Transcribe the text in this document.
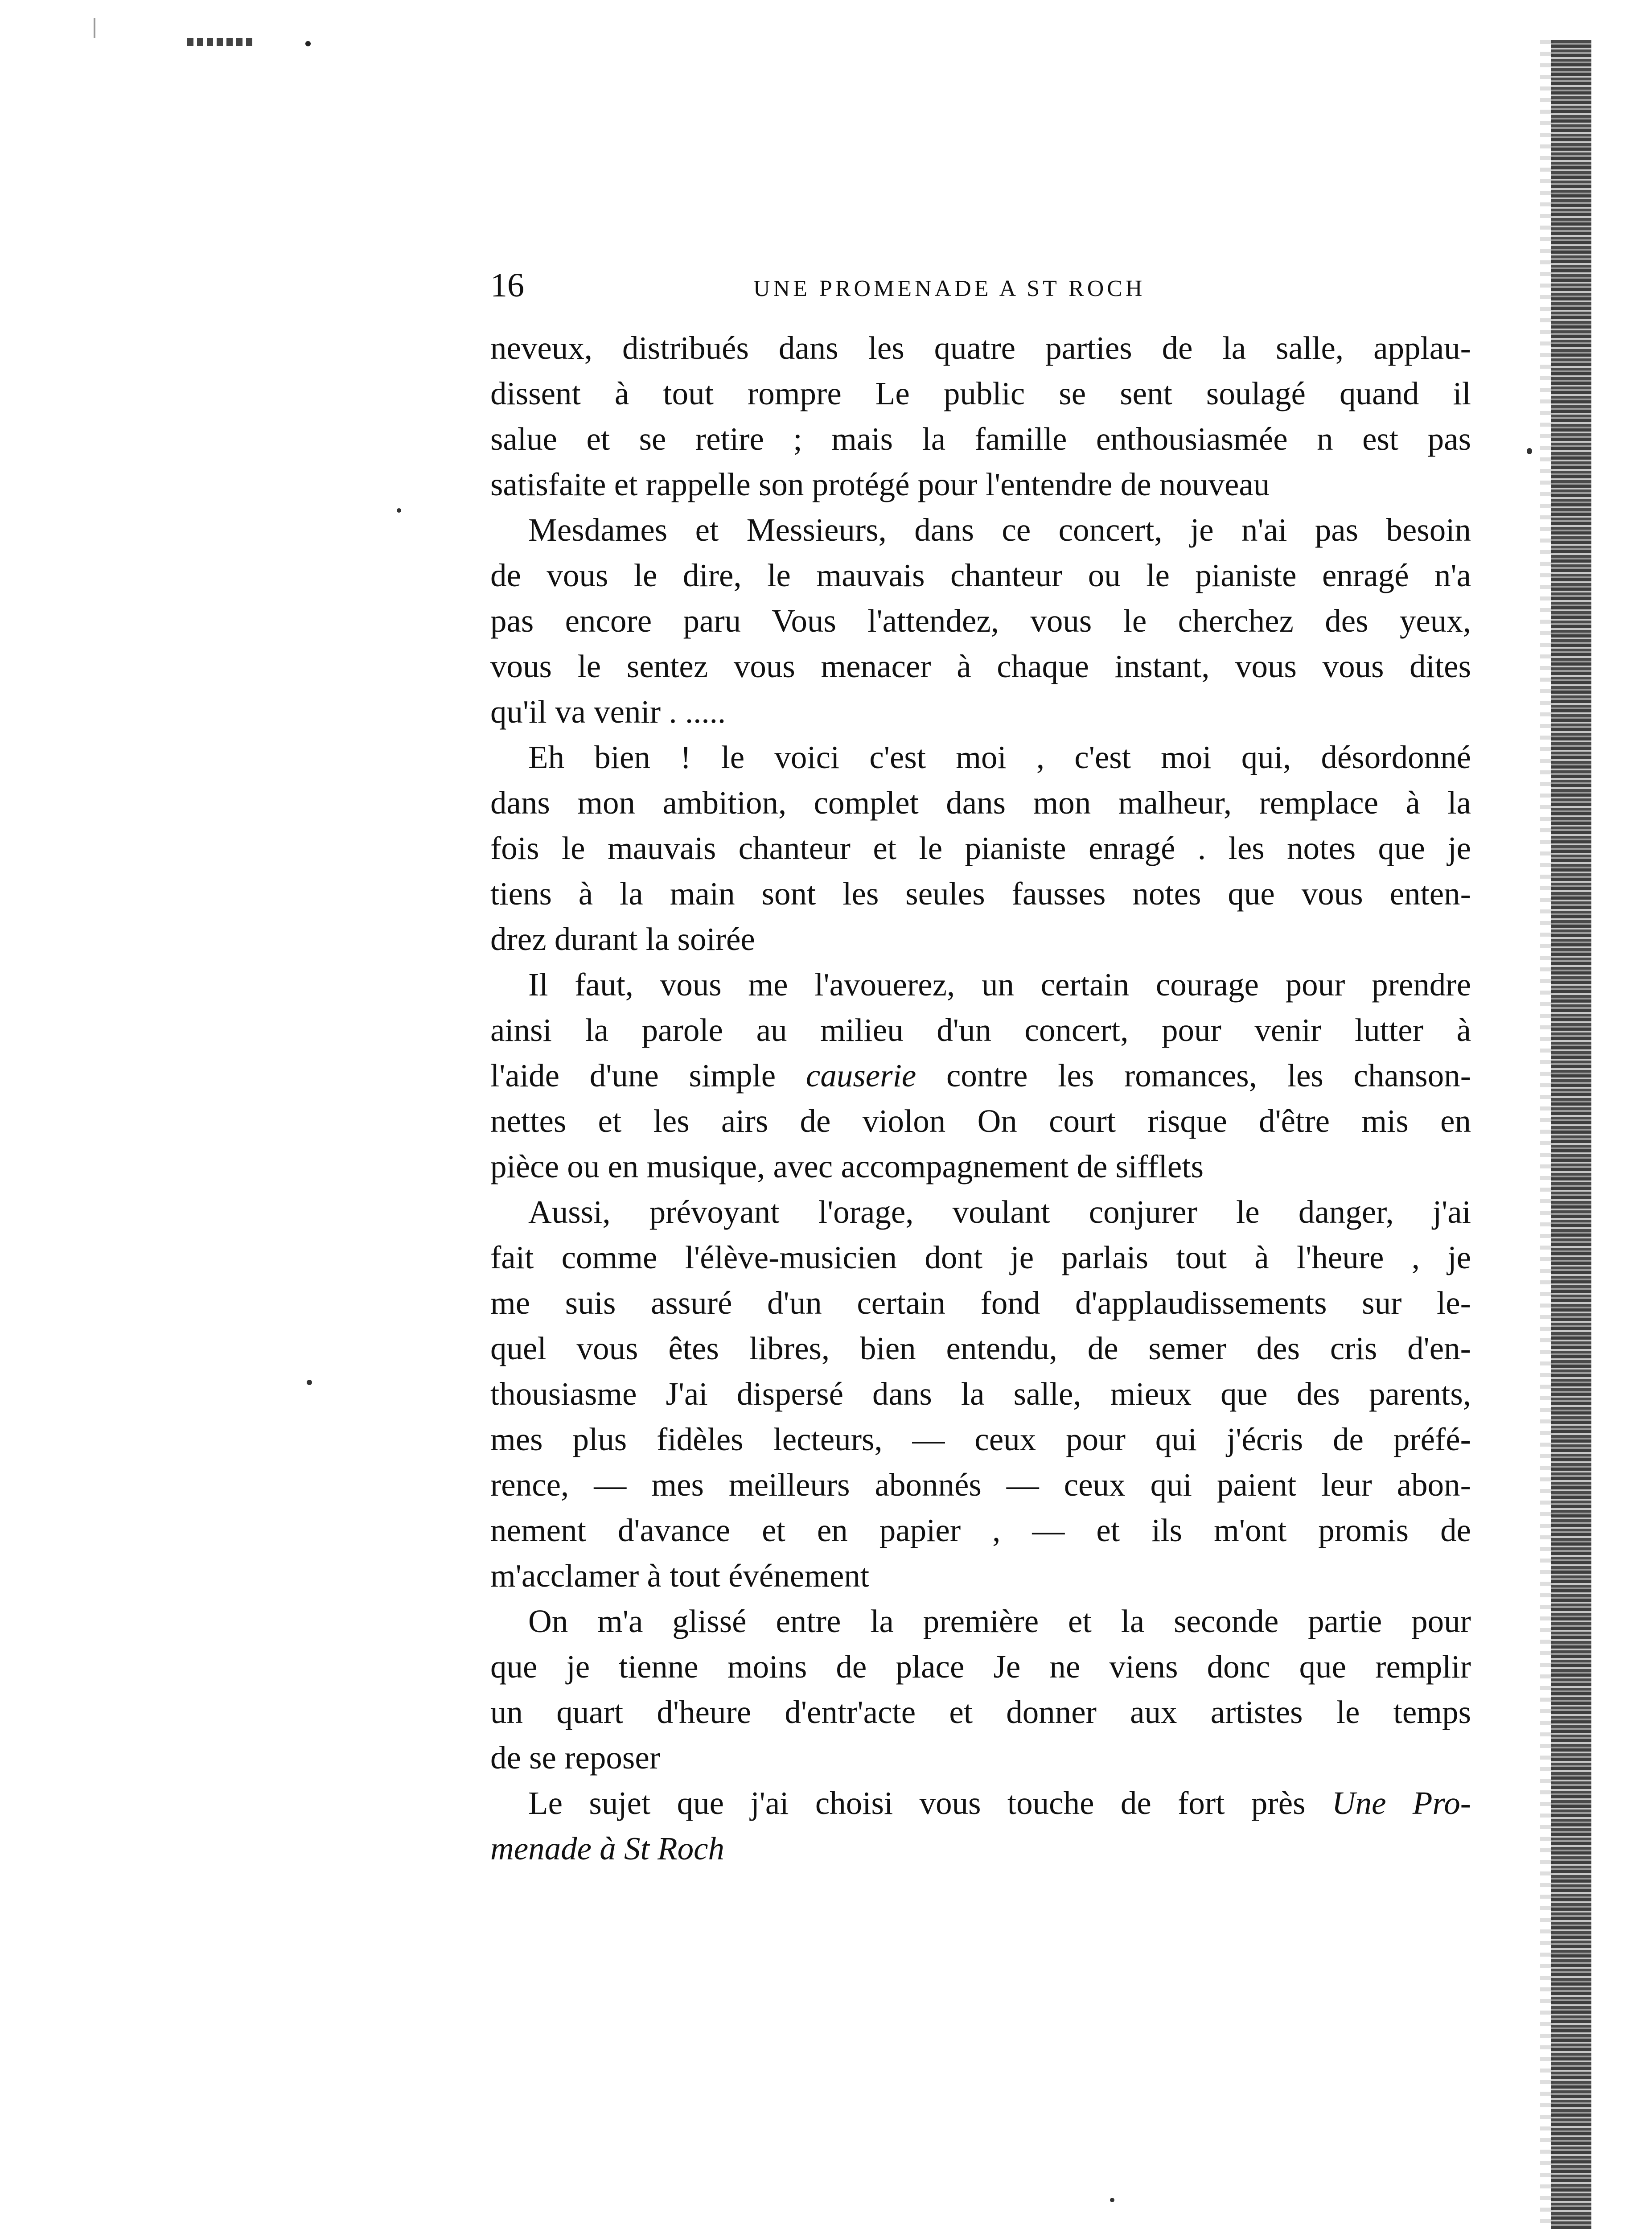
16	UNE PROMENADE A ST ROCH
neveux, distribués dans les quatre parties de la salle, applau-
dissent à tout rompre Le public se sent soulagé quand il
salue et se retire ; mais la famille enthousiasmée n est pas
satisfaite et rappelle son protégé pour l'entendre de nouveau
Mesdames et Messieurs, dans ce concert, je n'ai pas besoin
de vous le dire, le mauvais chanteur ou le pianiste enragé n'a
pas encore paru Vous l'attendez, vous le cherchez des yeux,
vous le sentez vous menacer à chaque instant, vous vous dites
qu'il va venir . .....
Eh bien ! le voici c'est moi , c'est moi qui, désordonné
dans mon ambition, complet dans mon malheur, remplace à la
fois le mauvais chanteur et le pianiste enragé . les notes que je
tiens à la main sont les seules fausses notes que vous enten-
drez durant la soirée
Il faut, vous me l'avouerez, un certain courage pour prendre
ainsi la parole au milieu d'un concert, pour venir lutter à
l'aide d'une simple causerie contre les romances, les chanson-
nettes et les airs de violon On court risque d'être mis en
pièce ou en musique, avec accompagnement de sifflets
Aussi, prévoyant l'orage, voulant conjurer le danger, j'ai
fait comme l'élève-musicien dont je parlais tout à l'heure , je
me suis assuré d'un certain fond d'applaudissements sur le-
quel vous êtes libres, bien entendu, de semer des cris d'en-
thousiasme J'ai dispersé dans la salle, mieux que des parents,
mes plus fidèles lecteurs, — ceux pour qui j'écris de préfé-
rence, — mes meilleurs abonnés — ceux qui paient leur abon-
nement d'avance et en papier , — et ils m'ont promis de
m'acclamer à tout événement
On m'a glissé entre la première et la seconde partie pour
que je tienne moins de place Je ne viens donc que remplir
un quart d'heure d'entr'acte et donner aux artistes le temps
de se reposer
Le sujet que j'ai choisi vous touche de fort près Une Pro-
menade à St Roch
